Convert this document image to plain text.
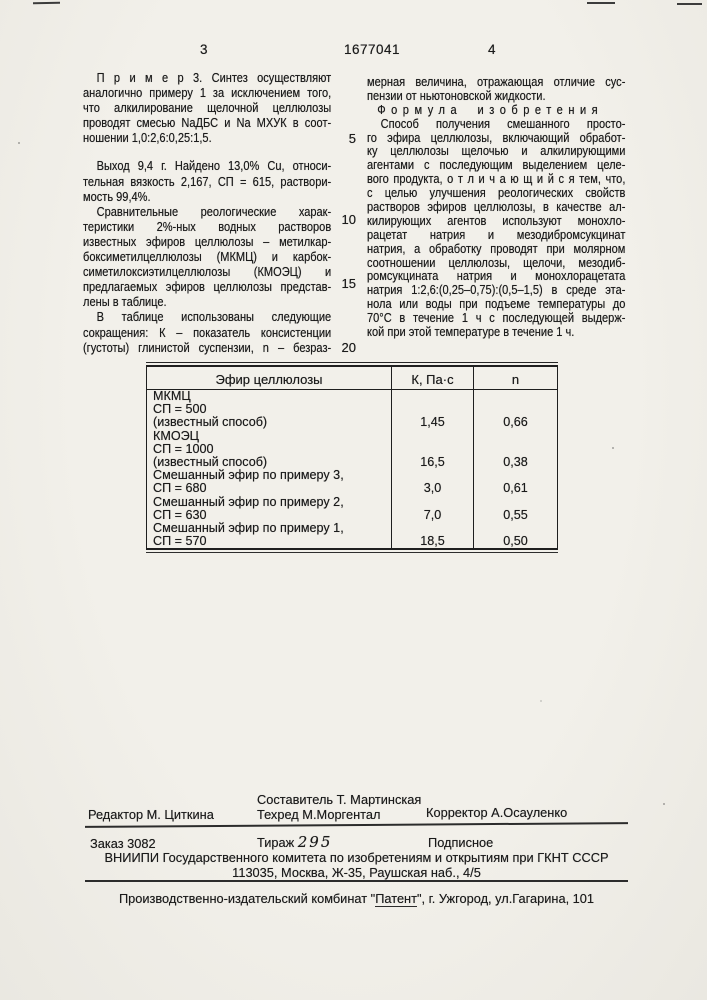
3	1677041	4
П р и м е р 3. Синтез осуществляют
аналогично примеру 1 за исключением того,
что алкилирование щелочной целлюлозы
проводят смесью NaДБС и Na МХУК в соот-
ношении 1,0:2,6:0,25:1,5.
Выход 9,4 г. Найдено 13,0% Cu, относи-
тельная вязкость 2,167, СП = 615, раствори-
мость 99,4%.
Сравнительные реологические харак-
теристики 2%-ных водных растворов
известных эфиров целлюлозы – метилкар-
боксиметилцеллюлозы (МКМЦ) и карбок-
симетилоксиэтилцеллюлозы (КМОЭЦ) и
предлагаемых эфиров целлюлозы представ-
лены в таблице.
В таблице использованы следующие
сокращения: К – показатель консистенции
(густоты) глинистой суспензии, n – безраз-
мерная величина, отражающая отличие сус-
пензии от ньютоновской жидкости.
Формула изобретения
Способ получения смешанного просто-
го эфира целлюлозы, включающий обработ-
ку целлюлозы щелочью и алкилирующими
агентами с последующим выделением целе-
вого продукта, о т л и ч а ю щ и й с я тем, что,
с целью улучшения реологических свойств
растворов эфиров целлюлозы, в качестве ал-
килирующих агентов используют монохло-
рацетат натрия и мезодибромсукцинат
натрия, а обработку проводят при молярном
соотношении целлюлозы, щелочи, мезодиб-
ромсукцината натрия и монохлорацетата
натрия 1:2,6:(0,25–0,75):(0,5–1,5) в среде эта-
нола или воды при подъеме температуры до
70°С в течение 1 ч с последующей выдерж-
кой при этой температуре в течение 1 ч.
5
10
15
20
Эфир целлюлозы	К, Па·с	n
МКМЦ
СП = 500
(известный способ)	1,45	0,66
КМОЭЦ
СП = 1000
(известный способ)	16,5	0,38
Смешанный эфир по примеру 3,
СП = 680	3,0	0,61
Смешанный эфир по примеру 2,
СП = 630	7,0	0,55
Смешанный эфир по примеру 1,
СП = 570	18,5	0,50
Составитель Т. Мартинская
Редактор М. Циткина	Техред М.Моргентал	Корректор А.Осауленко
Заказ 3082	Тираж 295	Подписное
ВНИИПИ Государственного комитета по изобретениям и открытиям при ГКНТ СССР
113035, Москва, Ж-35, Раушская наб., 4/5
Производственно-издательский комбинат "Патент", г. Ужгород, ул.Гагарина, 101
